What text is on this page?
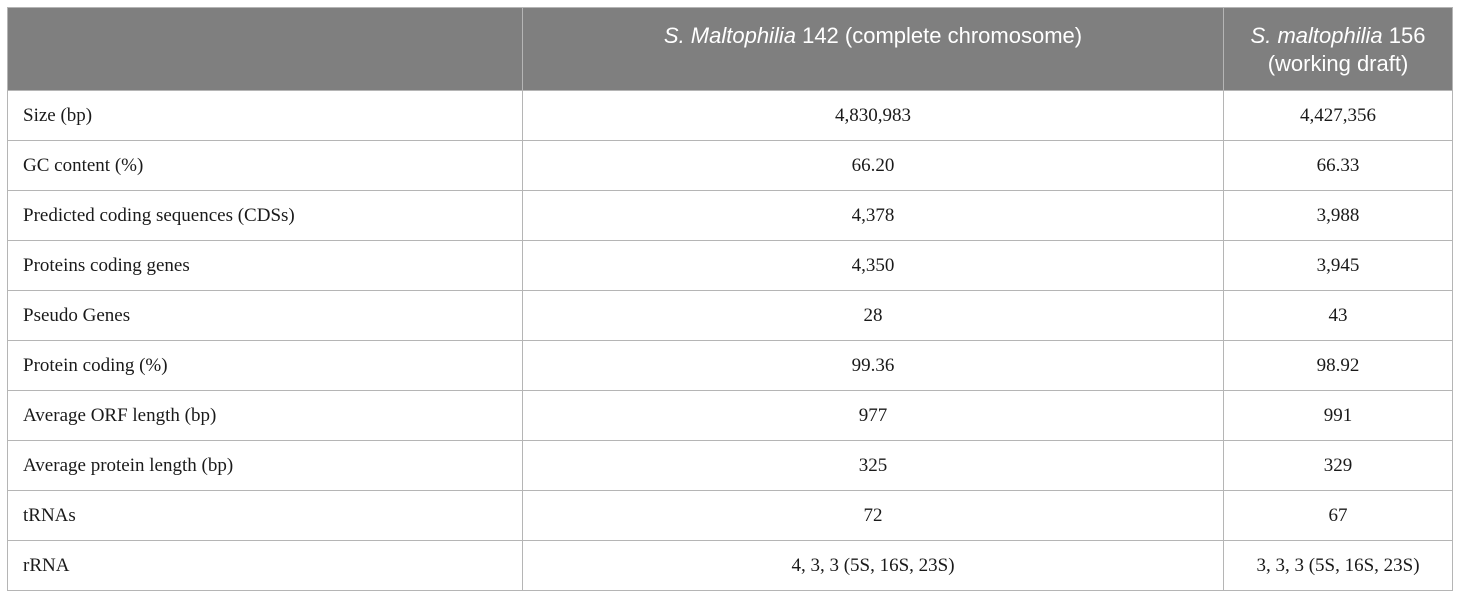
	S. Maltophilia 142 (complete chromosome)	S. maltophilia 156
(working draft)
Size (bp)	4,830,983	4,427,356
GC content (%)	66.20	66.33
Predicted coding sequences (CDSs)	4,378	3,988
Proteins coding genes	4,350	3,945
Pseudo Genes	28	43
Protein coding (%)	99.36	98.92
Average ORF length (bp)	977	991
Average protein length (bp)	325	329
tRNAs	72	67
rRNA	4, 3, 3 (5S, 16S, 23S)	3, 3, 3 (5S, 16S, 23S)
